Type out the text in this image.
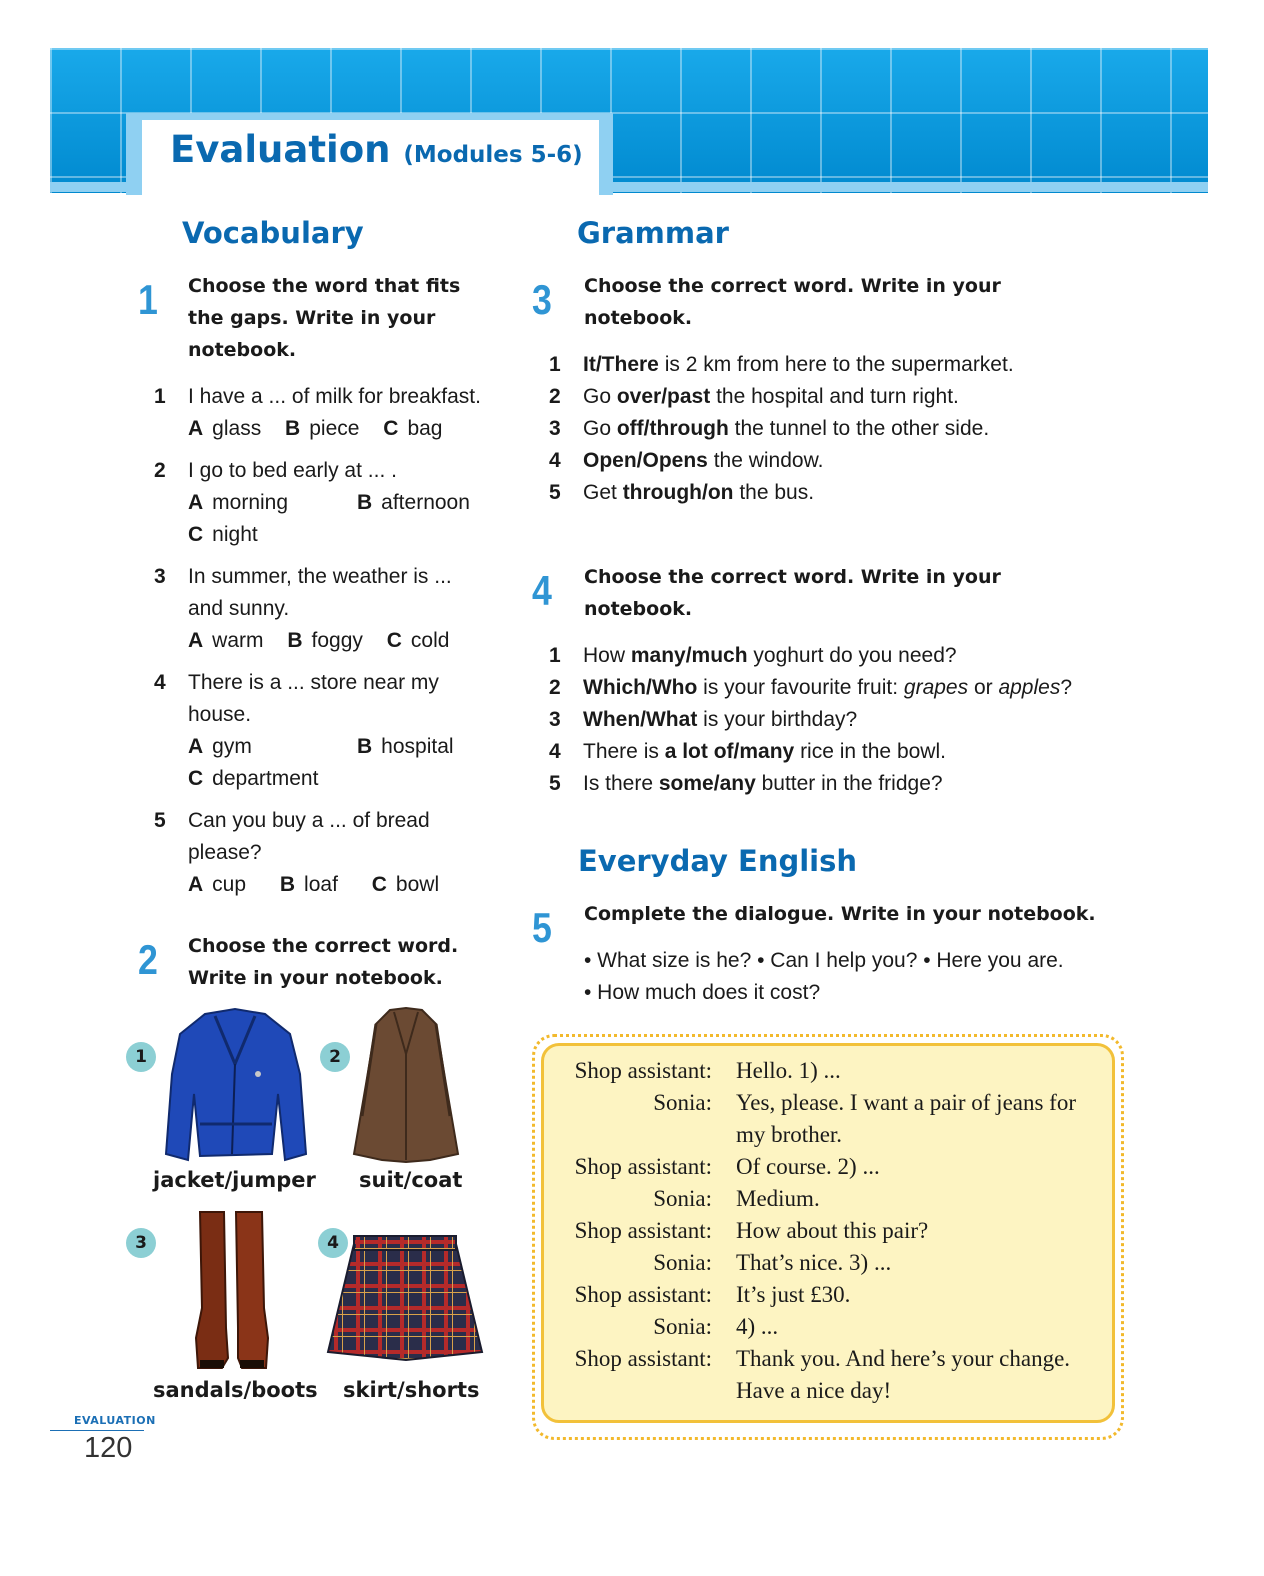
Evaluation (Modules 5-6)
Vocabulary
1 Choose the word that fits
the gaps. Write in your
notebook.
1 I have a ... of milk for breakfast.
A glass B piece C bag
2 I go to bed early at ... .
A morning	B afternoon
C night
3 In summer, the weather is ...
and sunny.
A warm B foggy C cold
4 There is a ... store near my
house.
A gym	B hospital
C department
5 Can you buy a ... of bread
please?
A cup B loaf C bowl
2 Choose the correct word.
Write in your notebook.
1
jacket/jumper
2
suit/coat
3
sandals/boots
4
skirt/shorts
Grammar
3 Choose the correct word. Write in your
notebook.
1 It/There is 2 km from here to the supermarket.
2 Go over/past the hospital and turn right.
3 Go off/through the tunnel to the other side.
4 Open/Opens the window.
5 Get through/on the bus.
4 Choose the correct word. Write in your
notebook.
1 How many/much yoghurt do you need?
2 Which/Who is your favourite fruit: grapes or apples?
3 When/What is your birthday?
4 There is a lot of/many rice in the bowl.
5 Is there some/any butter in the fridge?
Everyday English
5 Complete the dialogue. Write in your notebook.
• What size is he? • Can I help you? • Here you are.
• How much does it cost?
Shop assistant: Hello. 1) ...
Sonia: Yes, please. I want a pair of jeans for my brother.
Shop assistant: Of course. 2) ...
Sonia: Medium.
Shop assistant: How about this pair?
Sonia: That’s nice. 3) ...
Shop assistant: It’s just £30.
Sonia: 4) ...
Shop assistant: Thank you. And here’s your change. Have a nice day!
EVALUATION
120
